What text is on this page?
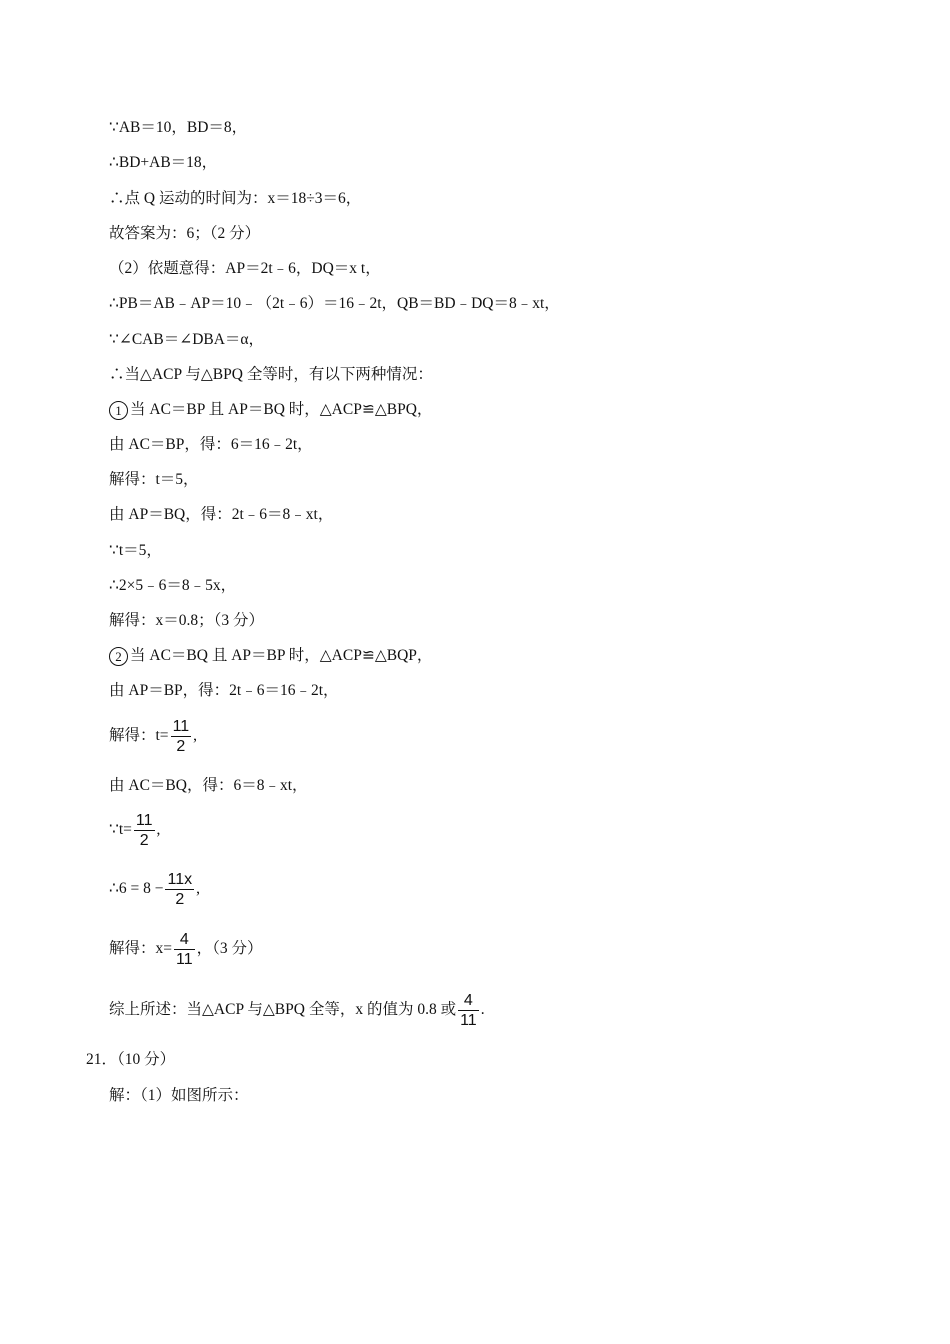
∵AB＝10，BD＝8，
∴BD+AB＝18，
∴点 Q 运动的时间为：x＝18÷3＝6，
故答案为：6；（2 分）
（2）依题意得：AP＝2t﹣6，DQ＝x t，
∴PB＝AB﹣AP＝10﹣（2t﹣6）＝16﹣2t，QB＝BD﹣DQ＝8﹣xt，
∵∠CAB＝∠DBA＝α，
∴当△ACP 与△BPQ 全等时，有以下两种情况：
1 当 AC＝BP 且 AP＝BQ 时，△ACP≌△BPQ，
由 AC＝BP，得：6＝16﹣2t，
解得：t＝5，
由 AP＝BQ，得：2t﹣6＝8﹣xt，
∵t＝5，
∴2×5﹣6＝8﹣5x，
解得：x＝0.8；（3 分）
2 当 AC＝BQ 且 AP＝BP 时，△ACP≌△BQP，
由 AP＝BP，得：2t﹣6＝16﹣2t，
解得：$t= \frac{11}{2}$ ,
由 AC＝BQ，得：6＝8﹣xt，
∵t= $\frac{11}{2}$ ,
∴6 = $8 - \frac{11x}{2}$ ,
解得：$x= \frac{4}{11}$ ，（3 分）
综上所述：当△ACP 与△BPQ 全等，x 的值为 0.8 或 $\frac{4}{11}$ .
21．（10 分）
解：（1）如图所示：
